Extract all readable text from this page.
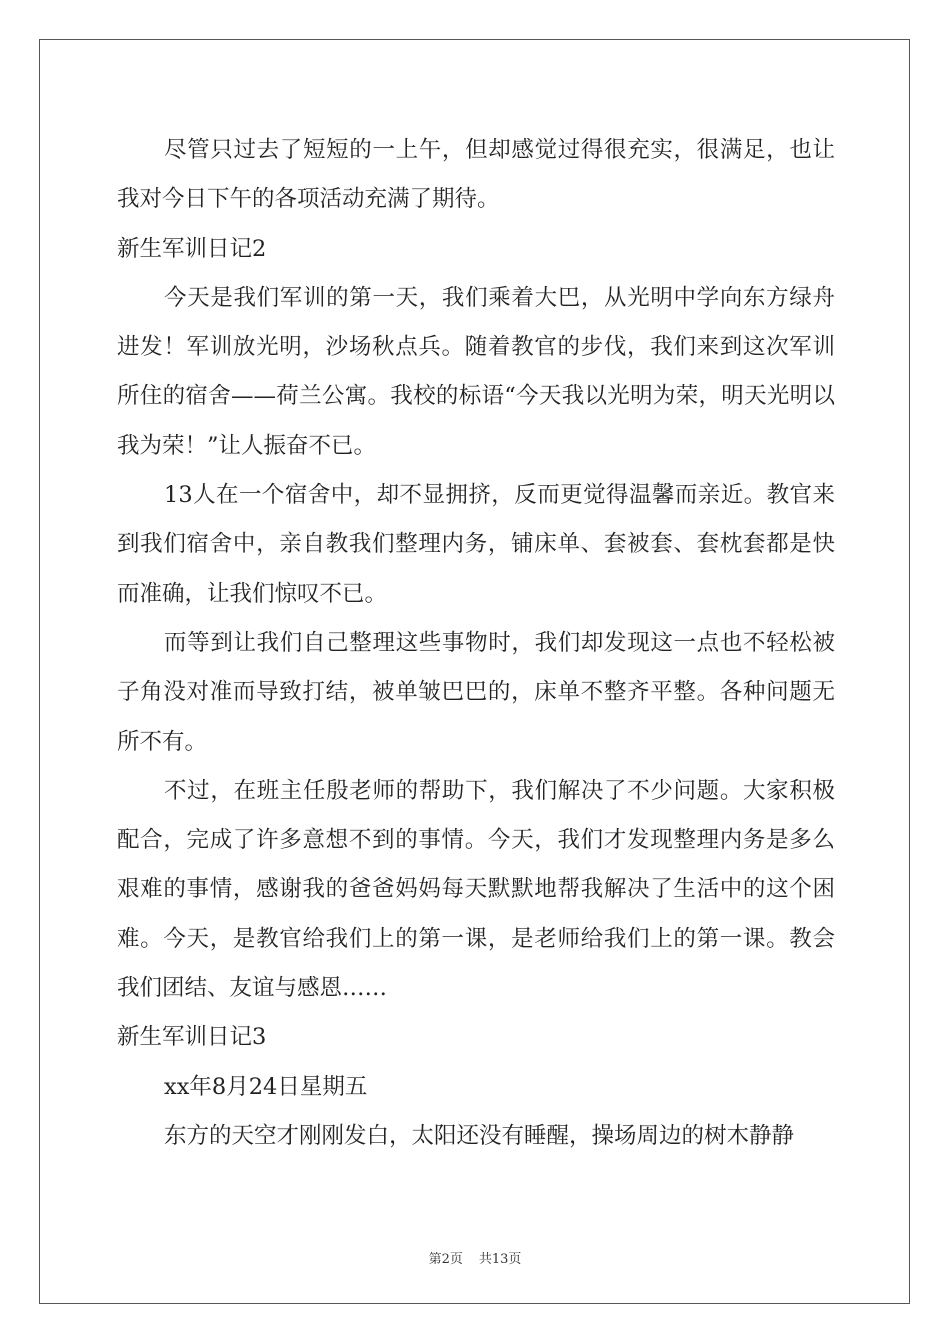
尽管只过去了短短的一上午，但却感觉过得很充实，很满足，也让我对今日下午的各项活动充满了期待。

新生军训日记2

今天是我们军训的第一天，我们乘着大巴，从光明中学向东方绿舟进发！军训放光明，沙场秋点兵。随着教官的步伐，我们来到这次军训所住的宿舍——荷兰公寓。我校的标语“今天我以光明为荣，明天光明以我为荣！”让人振奋不已。

13人在一个宿舍中，却不显拥挤，反而更觉得温馨而亲近。教官来到我们宿舍中，亲自教我们整理内务，铺床单、套被套、套枕套都是快而准确，让我们惊叹不已。

而等到让我们自己整理这些事物时，我们却发现这一点也不轻松被子角没对准而导致打结，被单皱巴巴的，床单不整齐平整。各种问题无所不有。

不过，在班主任殷老师的帮助下，我们解决了不少问题。大家积极配合，完成了许多意想不到的事情。今天，我们才发现整理内务是多么艰难的事情，感谢我的爸爸妈妈每天默默地帮我解决了生活中的这个困难。今天，是教官给我们上的第一课，是老师给我们上的第一课。教会我们团结、友谊与感恩……

新生军训日记3

xx年8月24日星期五

东方的天空才刚刚发白，太阳还没有睡醒，操场周边的树木静静

第2页 共13页
